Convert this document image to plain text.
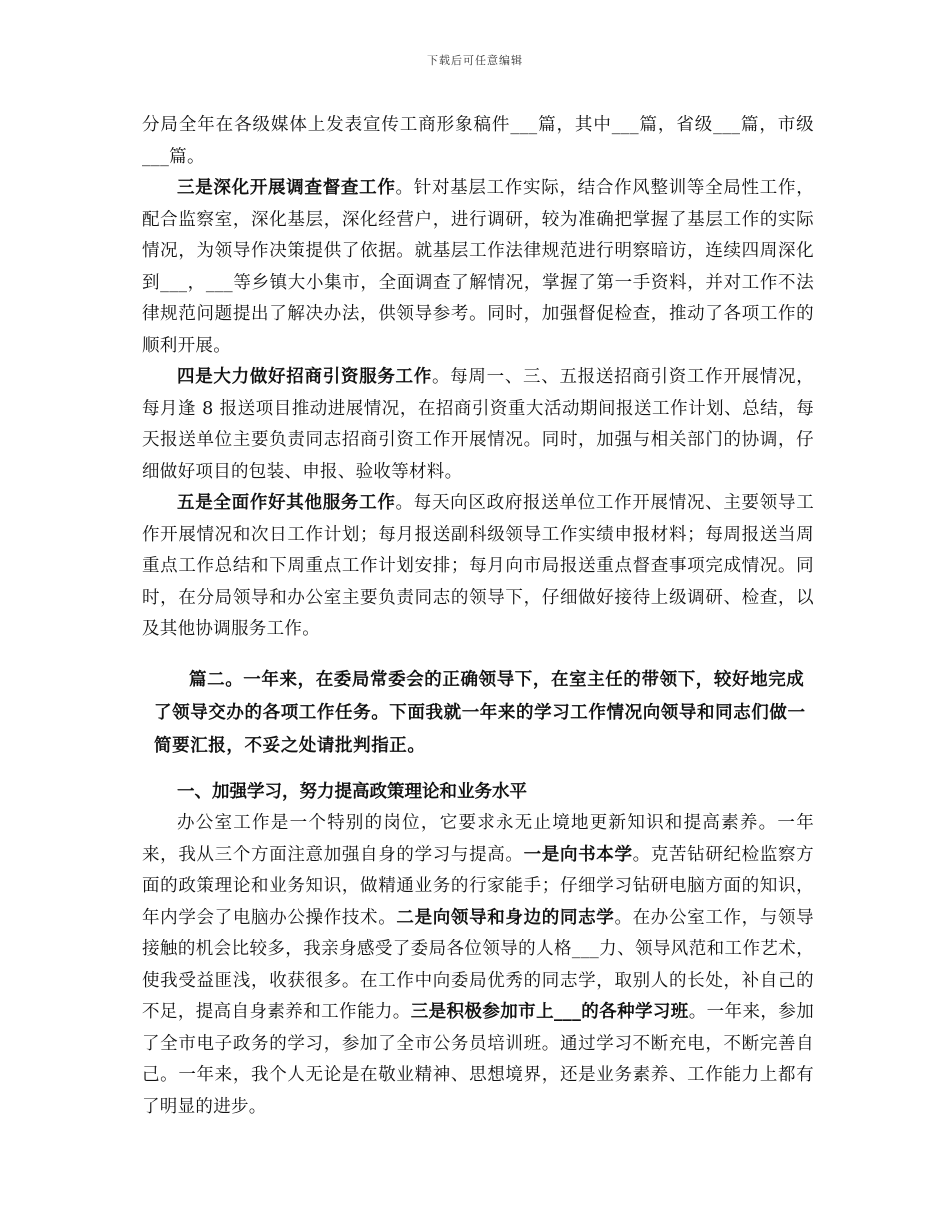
下载后可任意编辑

分局全年在各级媒体上发表宣传工商形象稿件___篇，其中___篇，省级___篇，市级___篇。

三是深化开展调查督查工作。针对基层工作实际，结合作风整训等全局性工作，配合监察室，深化基层，深化经营户，进行调研，较为准确把掌握了基层工作的实际情况，为领导作决策提供了依据。就基层工作法律规范进行明察暗访，连续四周深化到___，___等乡镇大小集市，全面调查了解情况，掌握了第一手资料，并对工作不法律规范问题提出了解决办法，供领导参考。同时，加强督促检查，推动了各项工作的顺利开展。

四是大力做好招商引资服务工作。每周一、三、五报送招商引资工作开展情况，每月逢 8 报送项目推动进展情况，在招商引资重大活动期间报送工作计划、总结，每天报送单位主要负责同志招商引资工作开展情况。同时，加强与相关部门的协调，仔细做好项目的包装、申报、验收等材料。

五是全面作好其他服务工作。每天向区政府报送单位工作开展情况、主要领导工作开展情况和次日工作计划；每月报送副科级领导工作实绩申报材料；每周报送当周重点工作总结和下周重点工作计划安排；每月向市局报送重点督查事项完成情况。同时，在分局领导和办公室主要负责同志的领导下，仔细做好接待上级调研、检查，以及其他协调服务工作。

篇二。一年来，在委局常委会的正确领导下，在室主任的带领下，较好地完成了领导交办的各项工作任务。下面我就一年来的学习工作情况向领导和同志们做一简要汇报，不妥之处请批判指正。

一、加强学习，努力提高政策理论和业务水平

办公室工作是一个特别的岗位，它要求永无止境地更新知识和提高素养。一年来，我从三个方面注意加强自身的学习与提高。一是向书本学。克苦钻研纪检监察方面的政策理论和业务知识，做精通业务的行家能手；仔细学习钻研电脑方面的知识，年内学会了电脑办公操作技术。二是向领导和身边的同志学。在办公室工作，与领导接触的机会比较多，我亲身感受了委局各位领导的人格___力、领导风范和工作艺术，使我受益匪浅，收获很多。在工作中向委局优秀的同志学，取别人的长处，补自己的不足，提高自身素养和工作能力。三是积极参加市上___的各种学习班。一年来，参加了全市电子政务的学习，参加了全市公务员培训班。通过学习不断充电，不断完善自己。一年来，我个人无论是在敬业精神、思想境界，还是业务素养、工作能力上都有了明显的进步。
